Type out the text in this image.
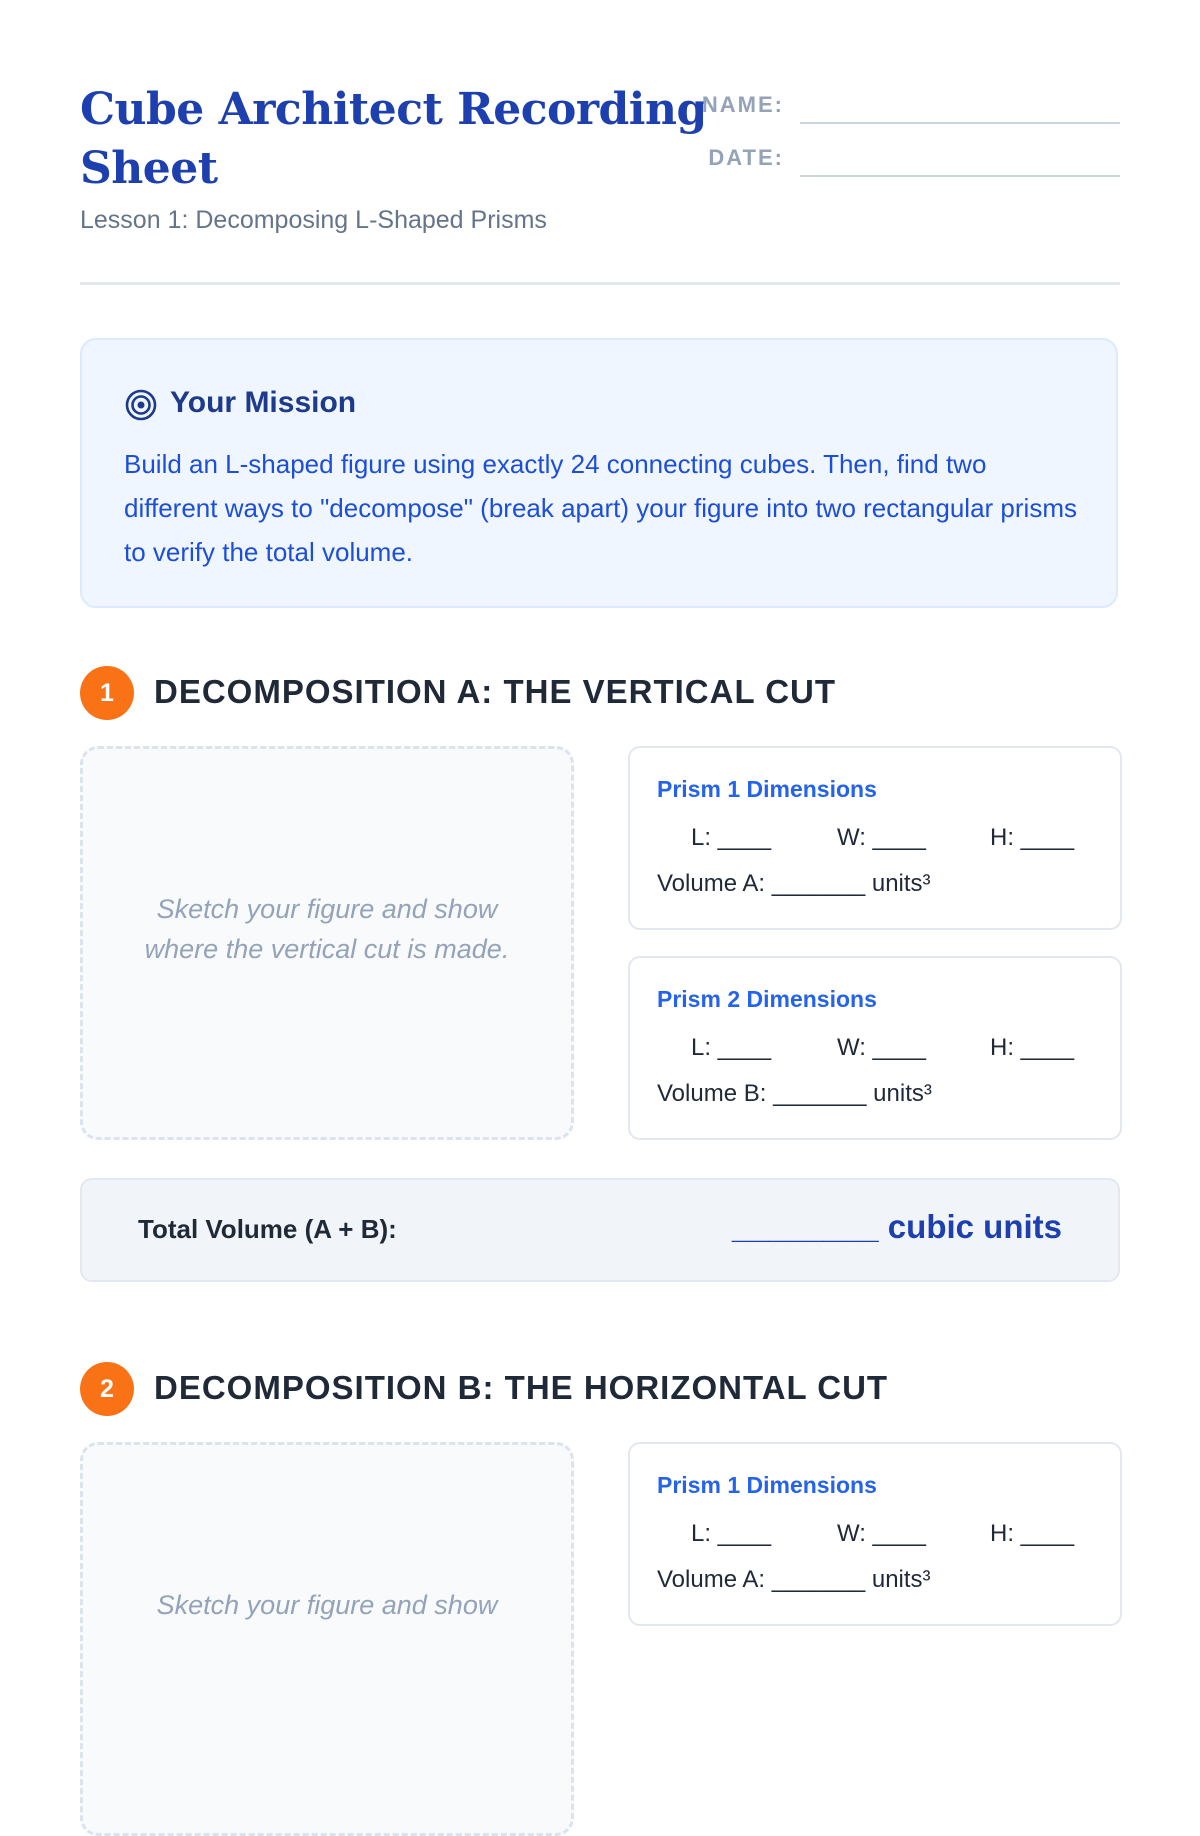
Cube Architect Recording Sheet
Lesson 1: Decomposing L-Shaped Prisms
NAME:
DATE:
Your Mission

Build an L-shaped figure using exactly 24 connecting cubes. Then, find two different ways to "decompose" (break apart) your figure into two rectangular prisms to verify the total volume.

1	DECOMPOSITION A: THE VERTICAL CUT
Sketch your figure and show where the vertical cut is made.
Prism 1 Dimensions
L: ____	W: ____	H: ____
Volume A: _______ units³
Prism 2 Dimensions
L: ____	W: ____	H: ____
Volume B: _______ units³
Total Volume (A + B):	________ cubic units
2	DECOMPOSITION B: THE HORIZONTAL CUT
Sketch your figure and show
Prism 1 Dimensions
L: ____	W: ____	H: ____
Volume A: _______ units³
